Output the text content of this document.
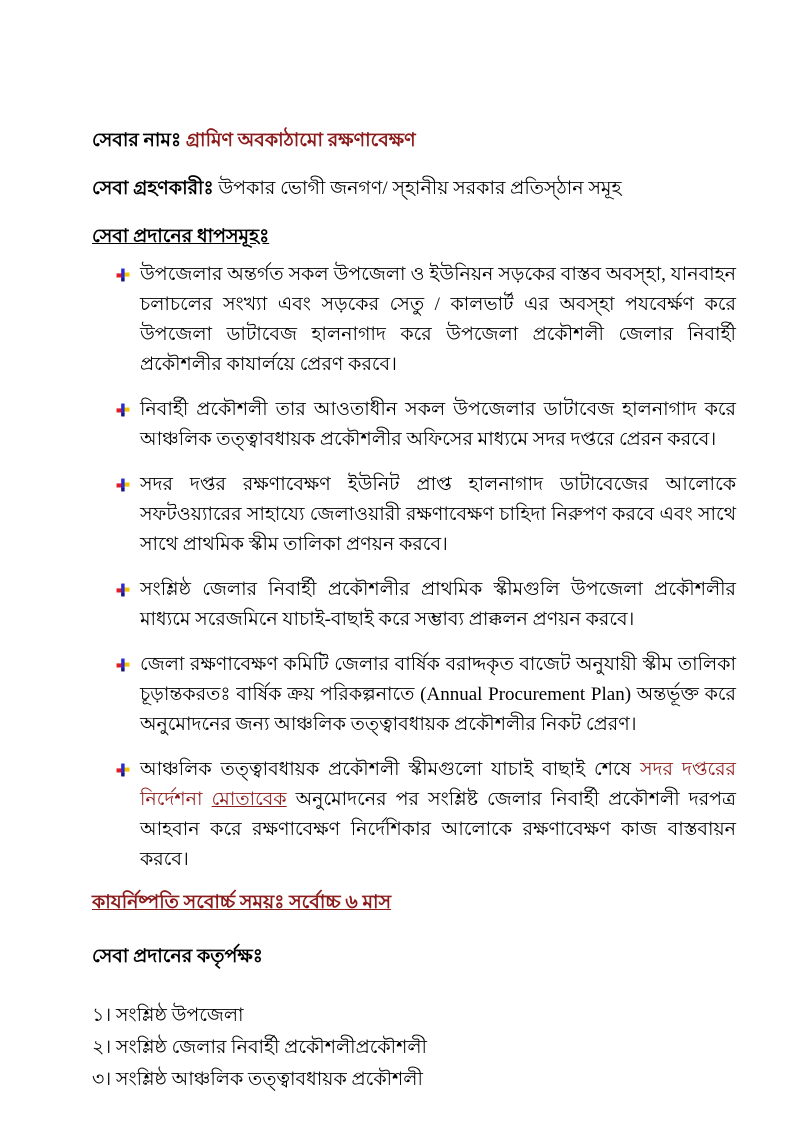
সেবার নামঃ গ্রামিণ অবকাঠামো রক্ষণাবেক্ষণ

সেবা গ্রহণকারীঃ উপকার ভোগী জনগণ/ স্হানীয় সরকার প্রতিস্ঠান সমূহ

সেবা প্রদানের ধাপসমূহঃ

উপজেলার অন্তর্গত সকল উপজেলা ও ইউনিয়ন সড়কের বাস্তব অবস্হা, যানবাহন চলাচলের সংখ্যা এবং সড়কের সেতু / কালভার্ট এর অবস্হা পযবের্ক্ষণ করে উপজেলা ডাটাবেজ হালনাগাদ করে উপজেলা প্রকৌশলী জেলার নিবার্হী প্রকৌশলীর কাযার্লয়ে প্রেরণ করবে।
নিবার্হী প্রকৌশলী তার আওতাধীন সকল উপজেলার ডাটাবেজ হালনাগাদ করে আঞ্চলিক তত্ত্বাবধায়ক প্রকৌশলীর অফিসের মাধ্যমে সদর দপ্তরে প্রেরন করবে।
সদর দপ্তর রক্ষণাবেক্ষণ ইউনিট প্রাপ্ত হালনাগাদ ডাটাবেজের আলোকে সফটওয়্যারের সাহায্যে জেলাওয়ারী রক্ষণাবেক্ষণ চাহিদা নিরুপণ করবে এবং সাথে সাথে প্রাথমিক স্কীম তালিকা প্রণয়ন করবে।
সংশ্লিষ্ঠ জেলার নিবার্হী প্রকৌশলীর প্রাথমিক স্কীমগুলি উপজেলা প্রকৌশলীর মাধ্যমে সরেজমিনে যাচাই-বাছাই করে সম্ভাব্য প্রাক্কলন প্রণয়ন করবে।
জেলা রক্ষণাবেক্ষণ কমিটি জেলার বার্ষিক বরাদ্দকৃত বাজেট অনুযায়ী স্কীম তালিকা চূড়ান্তকরতঃ বার্ষিক ক্রয় পরিকল্পনাতে (Annual Procurement Plan) অন্তর্ভূক্ত করে অনুমোদনের জন্য আঞ্চলিক তত্ত্বাবধায়ক প্রকৌশলীর নিকট প্রেরণ।
আঞ্চলিক তত্ত্বাবধায়ক প্রকৌশলী স্কীমগুলো যাচাই বাছাই শেষে সদর দপ্তরের নির্দেশনা মোতাবেক অনুমোদনের পর সংশ্লিষ্ট জেলার নিবার্হী প্রকৌশলী দরপত্র আহবান করে রক্ষণাবেক্ষণ নির্দেশিকার আলোকে রক্ষণাবেক্ষণ কাজ বাস্তবায়ন করবে।

কাযর্নিষ্পতি সবোর্চ্চ সময়ঃ সর্বোচ্চ ৬ মাস

সেবা প্রদানের কতৃর্পক্ষঃ

১। সংশ্লিষ্ঠ উপজেলা

২। সংশ্লিষ্ঠ জেলার নিবার্হী প্রকৌশলীপ্রকৌশলী

৩। সংশ্লিষ্ঠ আঞ্চলিক তত্ত্বাবধায়ক প্রকৌশলী
